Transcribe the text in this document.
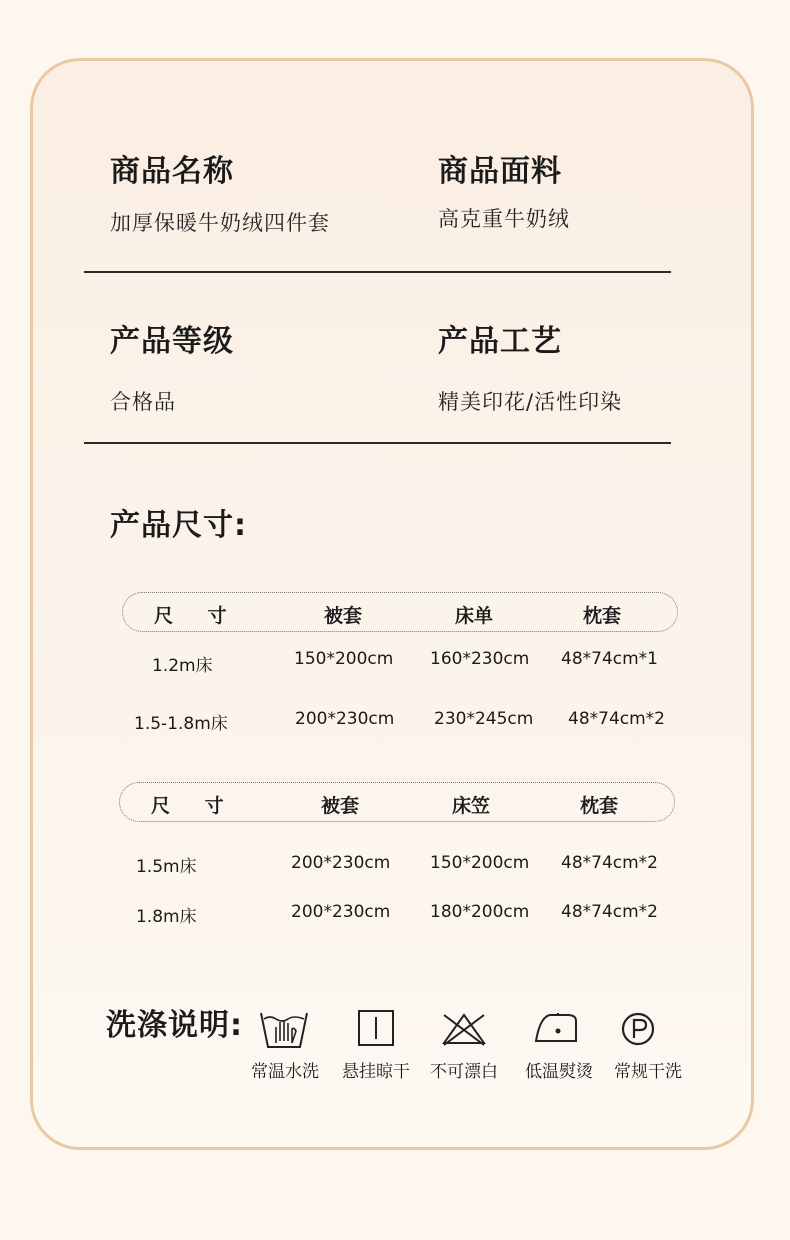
商品名称
加厚保暖牛奶绒四件套
商品面料
高克重牛奶绒
产品等级
合格品
产品工艺
精美印花/活性印染
产品尺寸:
尺 寸	被套	床单	枕套
1.2m床	150*200cm 160*230cm 48*74cm*1
1.5-1.8m床	200*230cm 230*245cm 48*74cm*2
尺 寸	被套	床笠	枕套
1.5m床	200*230cm 150*200cm 48*74cm*2
1.8m床	200*230cm 180*200cm 48*74cm*2
洗涤说明:
常温水洗	悬挂晾干	不可漂白	低温熨烫	常规干洗
